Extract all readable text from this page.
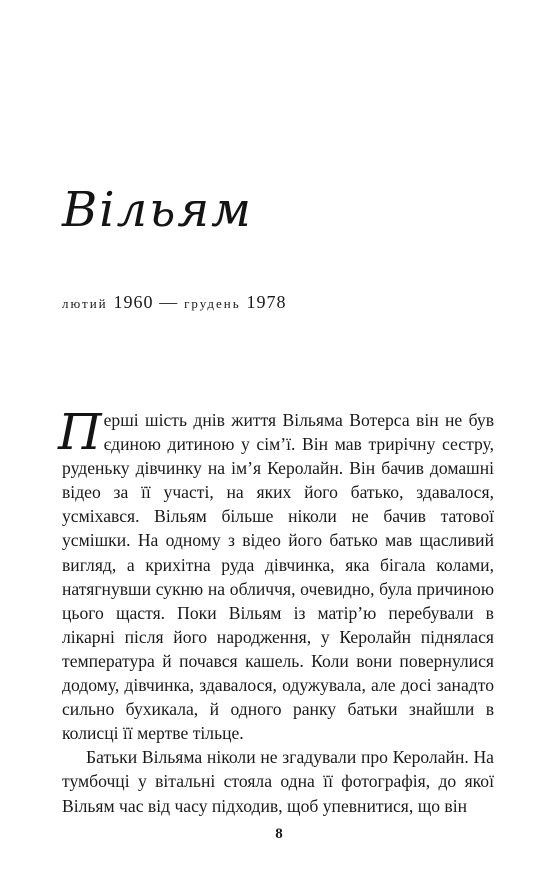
Вільям
лютий 1960 — грудень 1978

Перші шість днів життя Вільяма Вотерса він не був єдиною дитиною у сім’ї. Він мав трирічну сестру, руденьку дівчинку на ім’я Керолайн. Він бачив домашні відео за її участі, на яких його батько, здавалося, усміхався. Вільям більше ніколи не бачив татової усмішки. На одному з відео його батько мав щасливий вигляд, а крихітна руда дівчинка, яка бігала колами, натягнувши сукню на обличчя, очевидно, була причиною цього щастя. Поки Вільям із матір’ю перебували в лікарні після його народження, у Керолайн піднялася температура й почався кашель. Коли вони повернулися додому, дівчинка, здавалося, одужувала, але досі занадто сильно бухикала, й одного ранку батьки знайшли в колисці її мертве тільце.

Батьки Вільяма ніколи не згадували про Керолайн. На тумбочці у вітальні стояла одна її фотографія, до якої Вільям час від часу підходив, щоб упевнитися, що він

8
